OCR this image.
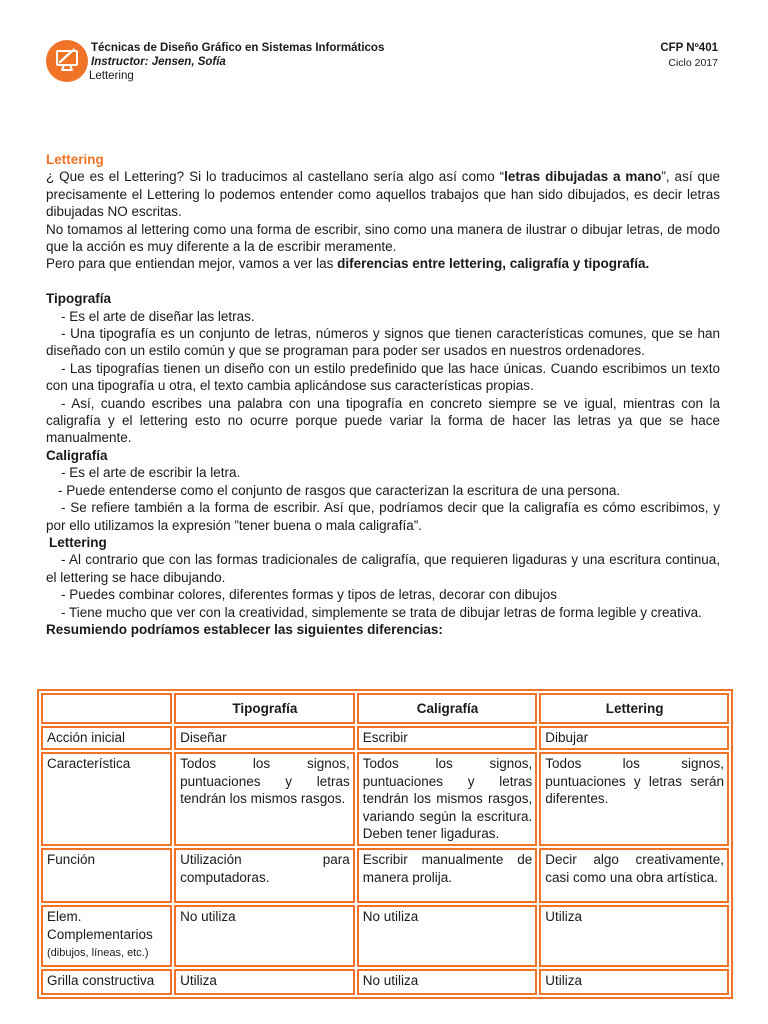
Técnicas de Diseño Gráfico en Sistemas Informáticos
Instructor: Jensen, Sofía
Lettering
CFP Nº401
Ciclo 2017

Lettering

¿ Que es el Lettering? Si lo traducimos al castellano sería algo así como “letras dibujadas a mano”, así que precisamente el Lettering lo podemos entender como aquellos trabajos que han sido dibujados, es decir letras dibujadas NO escritas.

No tomamos al lettering como una forma de escribir, sino como una manera de ilustrar o dibujar letras, de modo que la acción es muy diferente a la de escribir meramente.

Pero para que entiendan mejor, vamos a ver las diferencias entre lettering, caligrafía y tipografía.

Tipografía

- Es el arte de diseñar las letras.

- Una tipografía es un conjunto de letras, números y signos que tienen características comunes, que se han diseñado con un estilo común y que se programan para poder ser usados en nuestros ordenadores.

- Las tipografías tienen un diseño con un estilo predefinido que las hace únicas. Cuando escribimos un texto con una tipografía u otra, el texto cambia aplicándose sus características propias.

- Así, cuando escribes una palabra con una tipografía en concreto siempre se ve igual, mientras con la caligrafía y el lettering esto no ocurre porque puede variar la forma de hacer las letras ya que se hace manualmente.

Caligrafía

- Es el arte de escribir la letra.

- Puede entenderse como el conjunto de rasgos que caracterizan la escritura de una persona.

- Se refiere también a la forma de escribir. Así que, podríamos decir que la caligrafía es cómo escribimos, y por ello utilizamos la expresión ”tener buena o mala caligrafía”.

Lettering

- Al contrario que con las formas tradicionales de caligrafía, que requieren ligaduras y una escritura continua, el lettering se hace dibujando.

- Puedes combinar colores, diferentes formas y tipos de letras, decorar con dibujos

- Tiene mucho que ver con la creatividad, simplemente se trata de dibujar letras de forma legible y creativa.

Resumiendo podríamos establecer las siguientes diferencias:

	Tipografía	Caligrafía	Lettering
Acción inicial	Diseñar	Escribir	Dibujar
Característica	Todos los signos, puntuaciones y letras tendrán los mismos rasgos.	Todos los signos, puntuaciones y letras tendrán los mismos rasgos, variando según la escritura. Deben tener ligaduras.	Todos los signos, puntuaciones y letras serán diferentes.
Función	Utilización para computadoras.	Escribir manualmente de manera prolija.	Decir algo creativamente, casi como una obra artística.
Elem. Complementarios (dibujos, líneas, etc.)	No utiliza	No utiliza	Utiliza
Grilla constructiva	Utiliza	No utiliza	Utiliza
